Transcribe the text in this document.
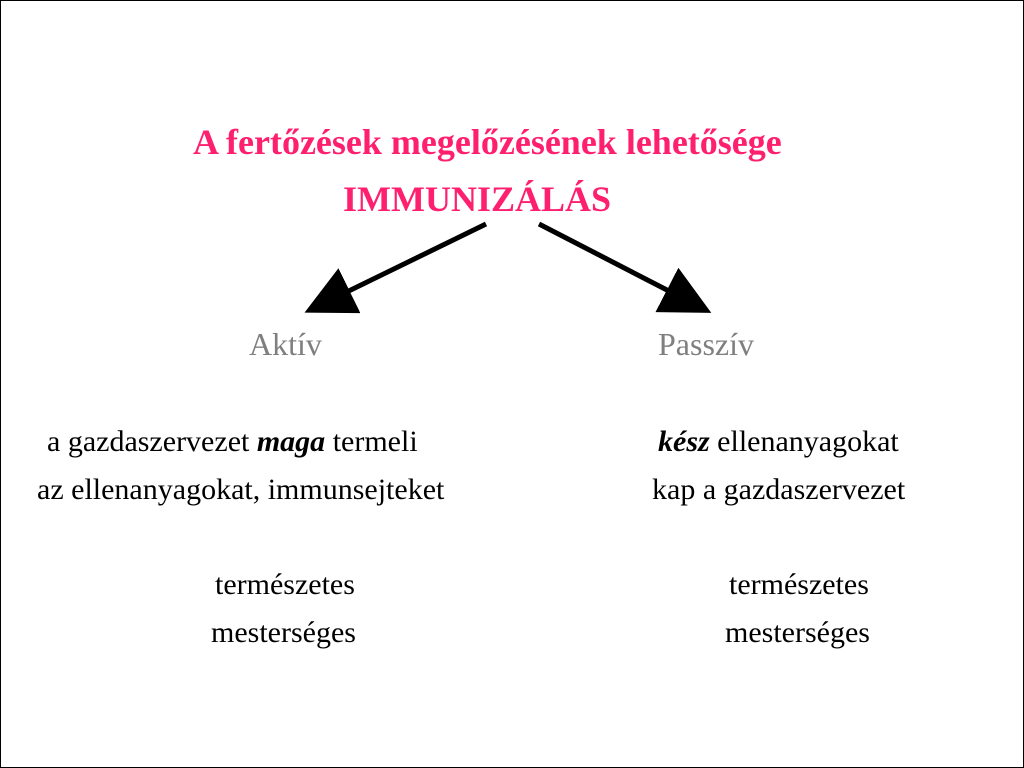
A fertőzések megelőzésének lehetősége
IMMUNIZÁLÁS
Aktív	Passzív
a gazdaszervezet maga termeli
az ellenanyagokat, immunsejteket
kész ellenanyagokat
kap a gazdaszervezet
természetes
mesterséges
természetes
mesterséges
